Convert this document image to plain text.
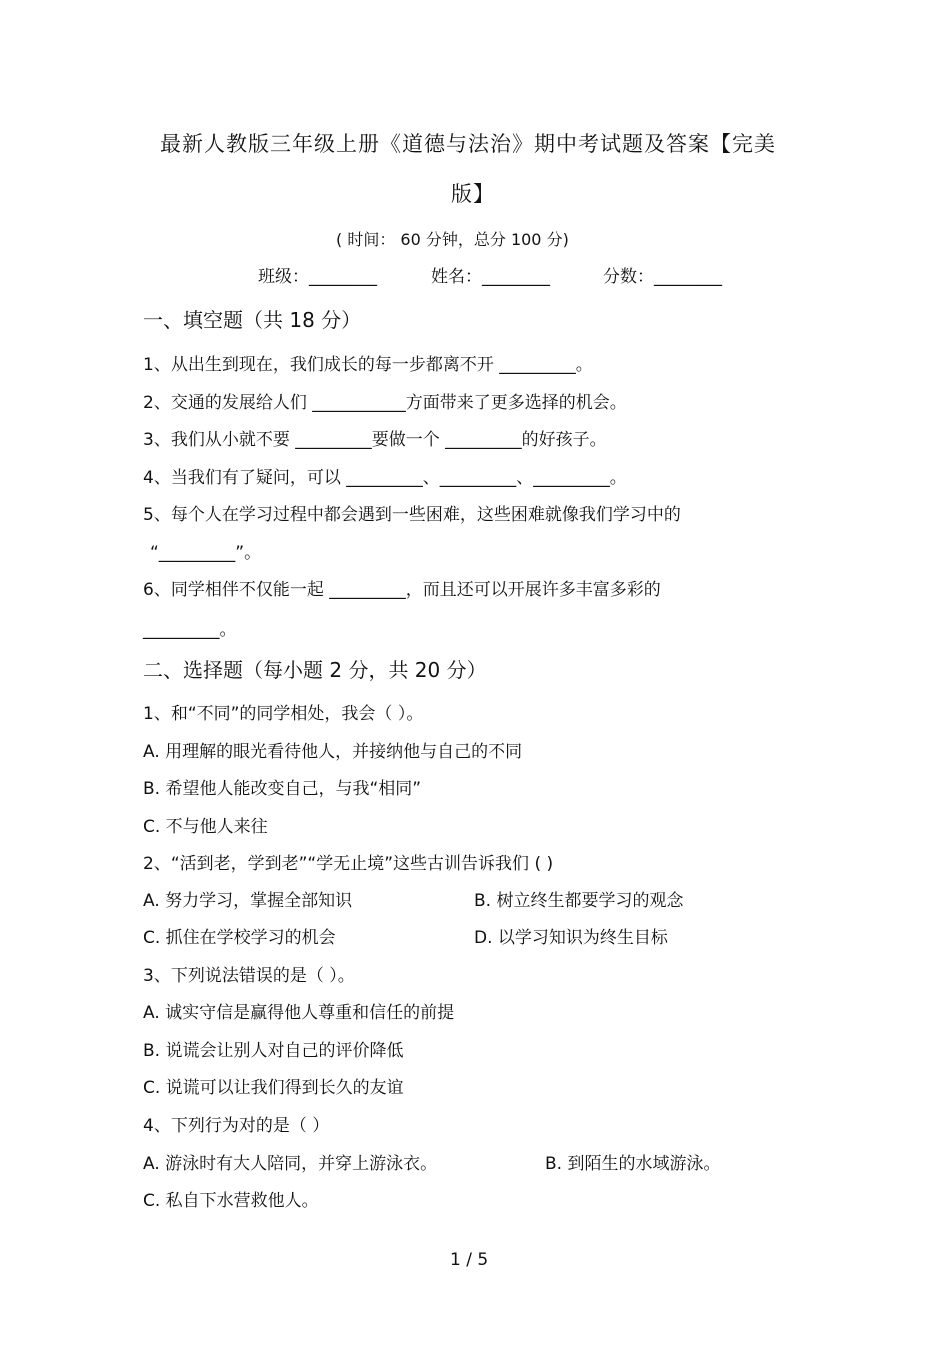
最新人教版三年级上册《道德与法治》期中考试题及答案【完美
版】
( 时间： 60 分钟，总分 100 分)
班级：________	姓名：________	分数：________
一、填空题（共 18 分）
1、从出生到现在，我们成长的每一步都离不开 _________。
2、交通的发展给人们 ___________方面带来了更多选择的机会。
3、我们从小就不要 _________要做一个 _________的好孩子。
4、当我们有了疑问，可以 _________、_________、_________。
5、每个人在学习过程中都会遇到一些困难，这些困难就像我们学习中的
“_________”。
6、同学相伴不仅能一起 _________，而且还可以开展许多丰富多彩的
_________。
二、选择题（每小题 2 分，共 20 分）
1、和“不同”的同学相处，我会（ ）。
A. 用理解的眼光看待他人，并接纳他与自己的不同
B. 希望他人能改变自己，与我“相同”
C. 不与他人来往
2、“活到老，学到老”“学无止境”这些古训告诉我们 ( )
A. 努力学习，掌握全部知识	B. 树立终生都要学习的观念
C. 抓住在学校学习的机会	D. 以学习知识为终生目标
3、下列说法错误的是（ ）。
A. 诚实守信是赢得他人尊重和信任的前提
B. 说谎会让别人对自己的评价降低
C. 说谎可以让我们得到长久的友谊
4、下列行为对的是（ ）
A. 游泳时有大人陪同，并穿上游泳衣。	B. 到陌生的水域游泳。
C. 私自下水营救他人。
1 / 5
